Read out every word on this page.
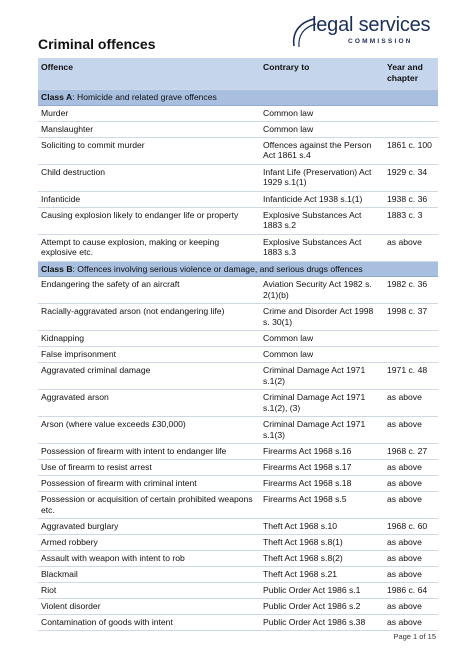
Criminal offences
legal services
COMMISSION
Offence	Contrary to	Year and chapter
Class A: Homicide and related grave offences		
Murder	Common law	
Manslaughter	Common law	
Soliciting to commit murder	Offences against the Person Act 1861 s.4	1861 c. 100
Child destruction	Infant Life (Preservation) Act 1929 s.1(1)	1929 c. 34
Infanticide	Infanticide Act 1938 s.1(1)	1938 c. 36
Causing explosion likely to endanger life or property	Explosive Substances Act 1883 s.2	1883 c. 3
Attempt to cause explosion, making or keeping explosive etc.	Explosive Substances Act 1883 s.3	as above
Class B: Offences involving serious violence or damage, and serious drugs offences		
Endangering the safety of an aircraft	Aviation Security Act 1982 s. 2(1)(b)	1982 c. 36
Racially-aggravated arson (not endangering life)	Crime and Disorder Act 1998 s. 30(1)	1998 c. 37
Kidnapping	Common law	
False imprisonment	Common law	
Aggravated criminal damage	Criminal Damage Act 1971 s.1(2)	1971 c. 48
Aggravated arson	Criminal Damage Act 1971 s.1(2), (3)	as above
Arson (where value exceeds £30,000)	Criminal Damage Act 1971 s.1(3)	as above
Possession of firearm with intent to endanger life	Firearms Act 1968 s.16	1968 c. 27
Use of firearm to resist arrest	Firearms Act 1968 s.17	as above
Possession of firearm with criminal intent	Firearms Act 1968 s.18	as above
Possession or acquisition of certain prohibited weapons etc.	Firearms Act 1968 s.5	as above
Aggravated burglary	Theft Act 1968 s.10	1968 c. 60
Armed robbery	Theft Act 1968 s.8(1)	as above
Assault with weapon with intent to rob	Theft Act 1968 s.8(2)	as above
Blackmail	Theft Act 1968 s.21	as above
Riot	Public Order Act 1986 s.1	1986 c. 64
Violent disorder	Public Order Act 1986 s.2	as above
Contamination of goods with intent	Public Order Act 1986 s.38	as above
Page 1 of 15
